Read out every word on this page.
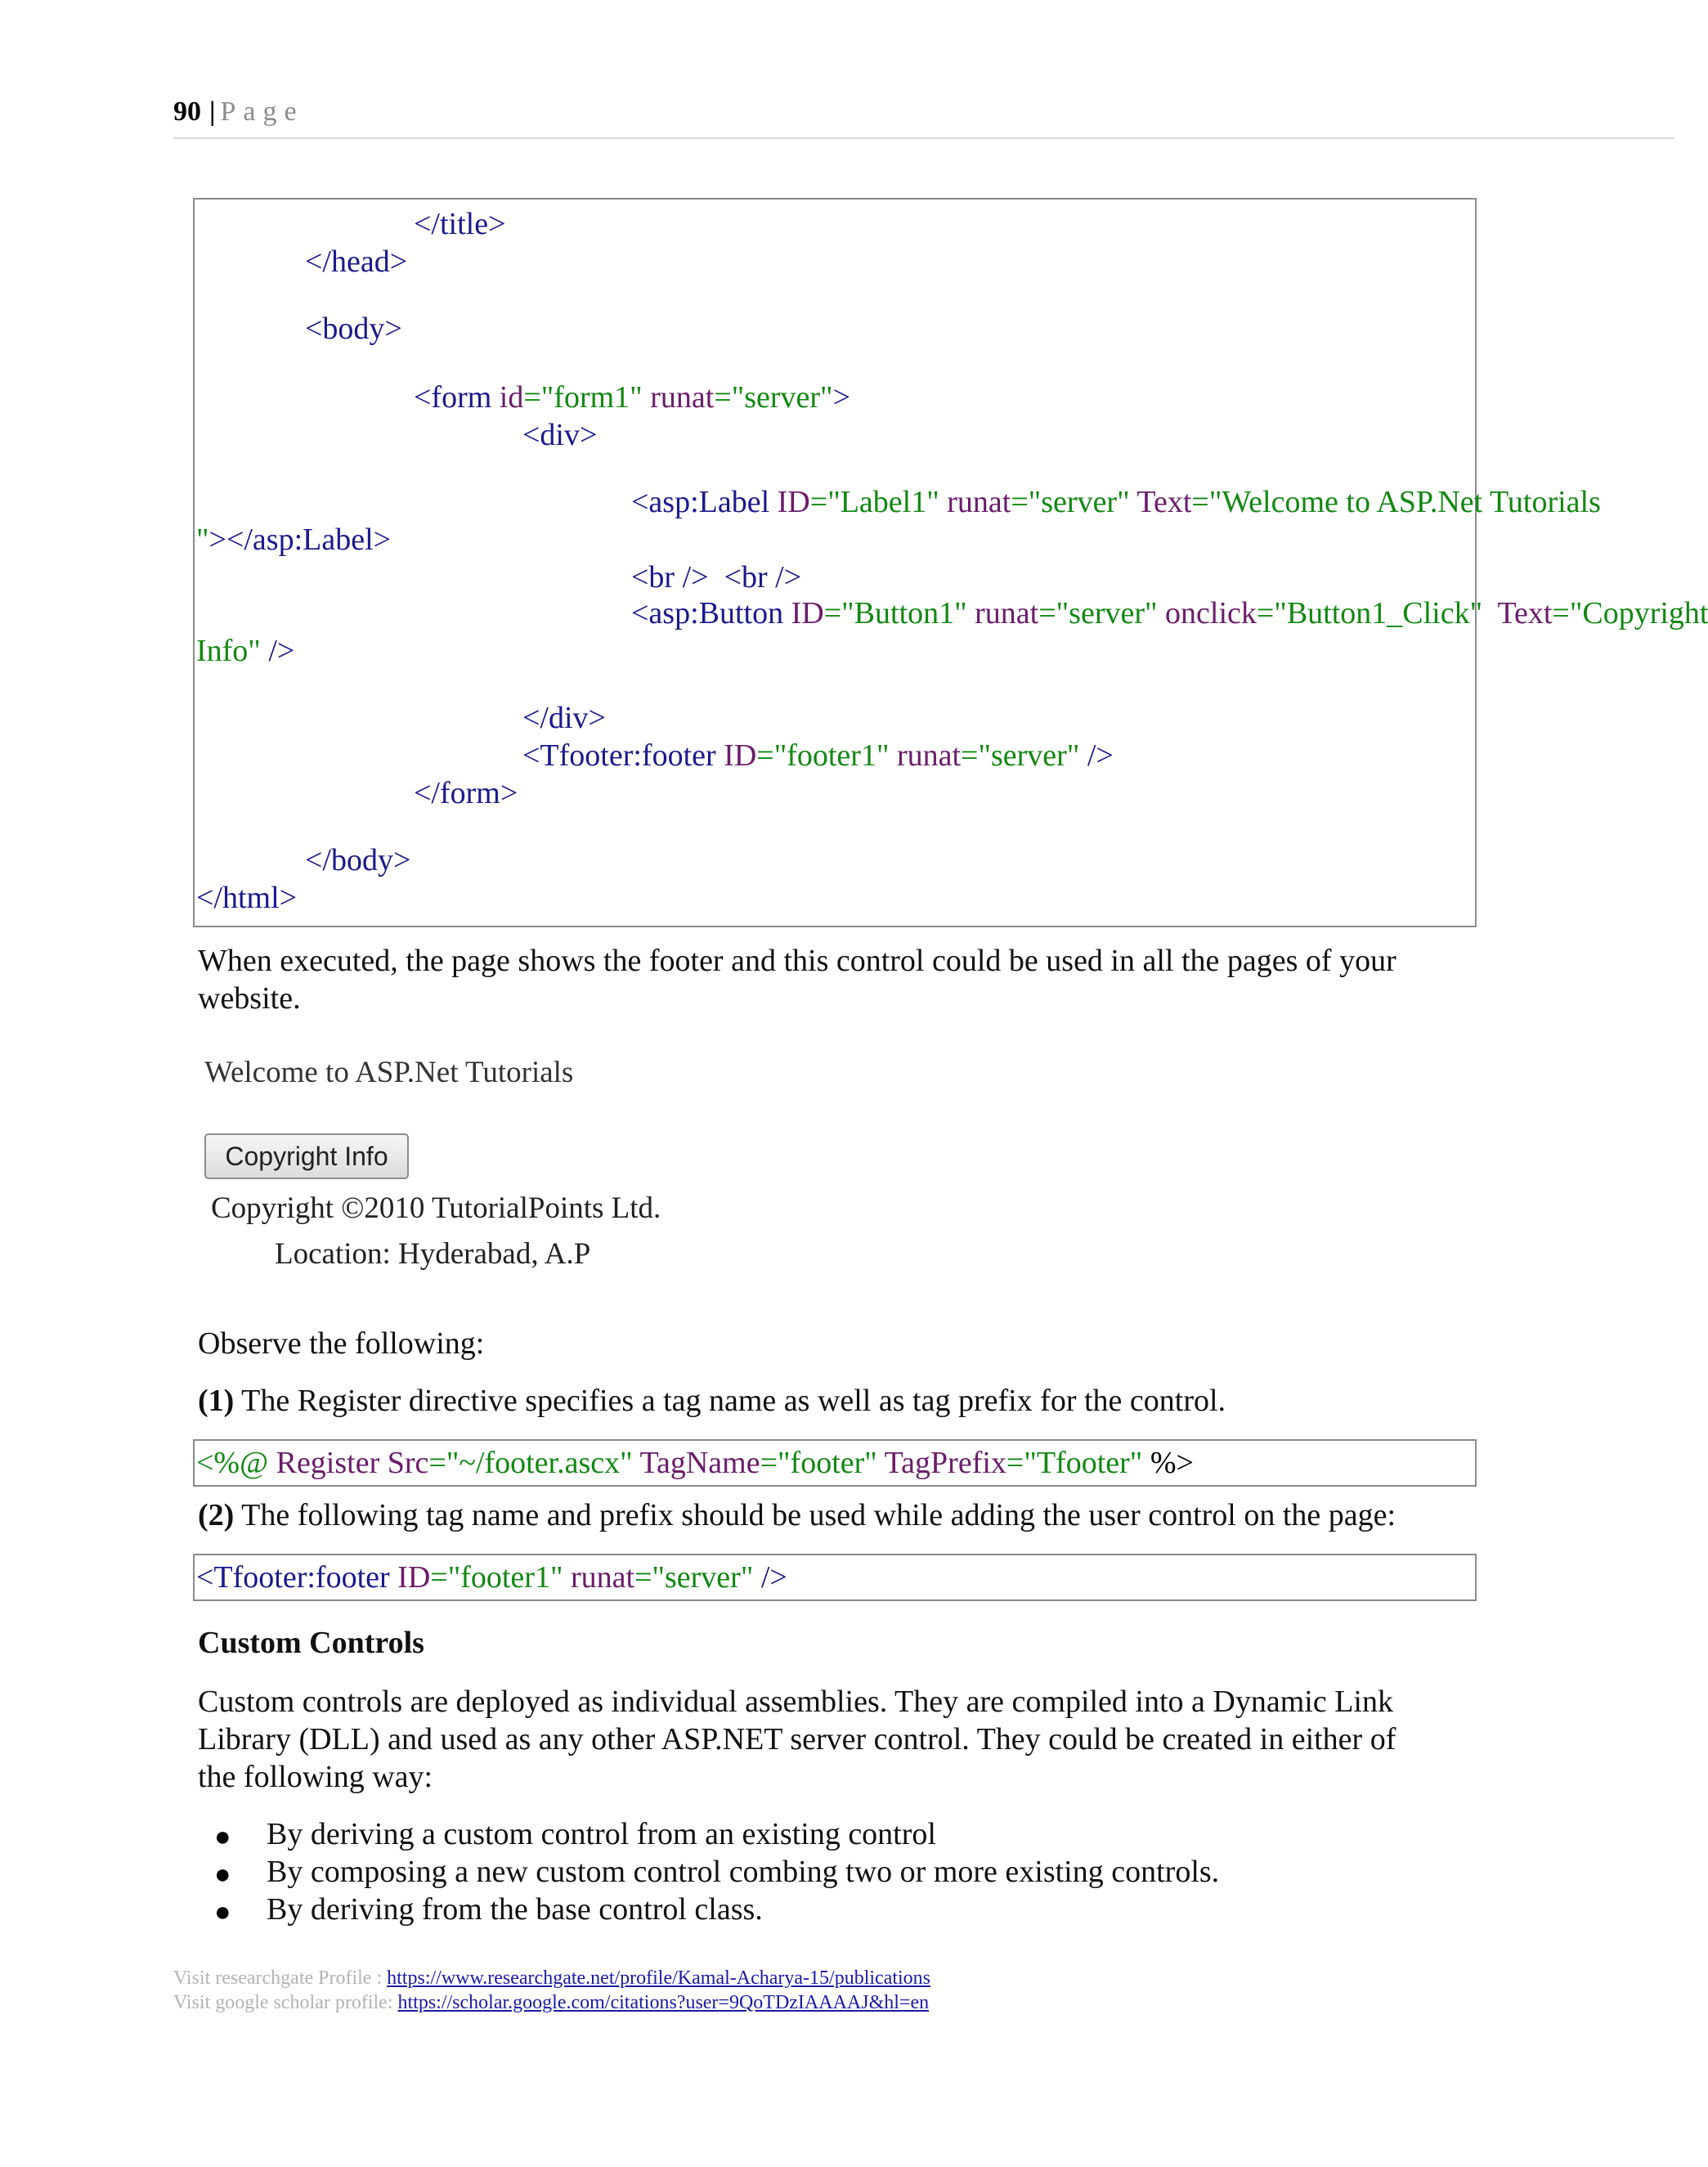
90 | Page
</title>
</head>
<body>
<form id="form1" runat="server">
<div>
<asp:Label ID="Label1" runat="server" Text="Welcome to ASP.Net Tutorials
"></asp:Label>
<br />  <br />
<asp:Button ID="Button1" runat="server" onclick="Button1_Click"  Text="Copyright
Info" />
</div>
<Tfooter:footer ID="footer1" runat="server" />
</form>
</body>
</html>
When executed, the page shows the footer and this control could be used in all the pages of your
website.
Welcome to ASP.Net Tutorials
Copyright Info
Copyright ©2010 TutorialPoints Ltd.
Location: Hyderabad, A.P
Observe the following:
(1) The Register directive specifies a tag name as well as tag prefix for the control.
<%@ Register Src="~/footer.ascx" TagName="footer" TagPrefix="Tfooter" %>
(2) The following tag name and prefix should be used while adding the user control on the page:
<Tfooter:footer ID="footer1" runat="server" />
Custom Controls
Custom controls are deployed as individual assemblies. They are compiled into a Dynamic Link
Library (DLL) and used as any other ASP.NET server control. They could be created in either of
the following way:
● By deriving a custom control from an existing control
● By composing a new custom control combing two or more existing controls.
● By deriving from the base control class.
Visit researchgate Profile : https://www.researchgate.net/profile/Kamal-Acharya-15/publications
Visit google scholar profile: https://scholar.google.com/citations?user=9QoTDzIAAAAJ&hl=en
